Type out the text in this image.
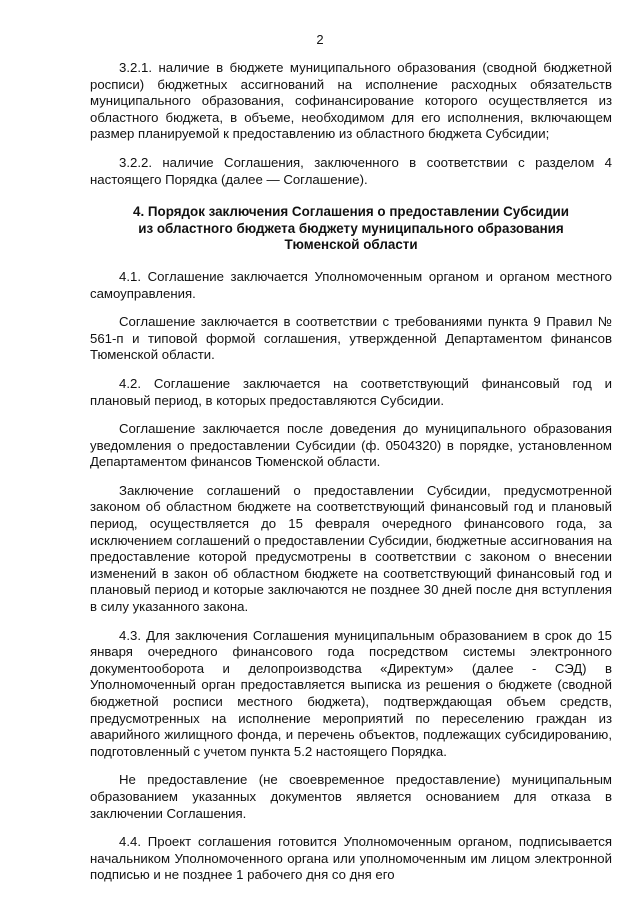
2

3.2.1. наличие в бюджете муниципального образования (сводной бюджетной росписи) бюджетных ассигнований на исполнение расходных обязательств муниципального образования, софинансирование которого осуществляется из областного бюджета, в объеме, необходимом для его исполнения, включающем размер планируемой к предоставлению из областного бюджета Субсидии;

3.2.2. наличие Соглашения, заключенного в соответствии с разделом 4 настоящего Порядка (далее — Соглашение).

4. Порядок заключения Соглашения о предоставлении Субсидии
из областного бюджета бюджету муниципального образования
Тюменской области

4.1. Соглашение заключается Уполномоченным органом и органом местного самоуправления.

Соглашение заключается в соответствии с требованиями пункта 9 Правил № 561-п и типовой формой соглашения, утвержденной Департаментом финансов Тюменской области.

4.2. Соглашение заключается на соответствующий финансовый год и плановый период, в которых предоставляются Субсидии.

Соглашение заключается после доведения до муниципального образования уведомления о предоставлении Субсидии (ф. 0504320) в порядке, установленном Департаментом финансов Тюменской области.

Заключение соглашений о предоставлении Субсидии, предусмотренной законом об областном бюджете на соответствующий финансовый год и плановый период, осуществляется до 15 февраля очередного финансового года, за исключением соглашений о предоставлении Субсидии, бюджетные ассигнования на предоставление которой предусмотрены в соответствии с законом о внесении изменений в закон об областном бюджете на соответствующий финансовый год и плановый период и которые заключаются не позднее 30 дней после дня вступления в силу указанного закона.

4.3. Для заключения Соглашения муниципальным образованием в срок до 15 января очередного финансового года посредством системы электронного документооборота и делопроизводства «Директум» (далее - СЭД) в Уполномоченный орган предоставляется выписка из решения о бюджете (сводной бюджетной росписи местного бюджета), подтверждающая объем средств, предусмотренных на исполнение мероприятий по переселению граждан из аварийного жилищного фонда, и перечень объектов, подлежащих субсидированию, подготовленный с учетом пункта 5.2 настоящего Порядка.

Не предоставление (не своевременное предоставление) муниципальным образованием указанных документов является основанием для отказа в заключении Соглашения.

4.4. Проект соглашения готовится Уполномоченным органом, подписывается начальником Уполномоченного органа или уполномоченным им лицом электронной подписью и не позднее 1 рабочего дня со дня его
